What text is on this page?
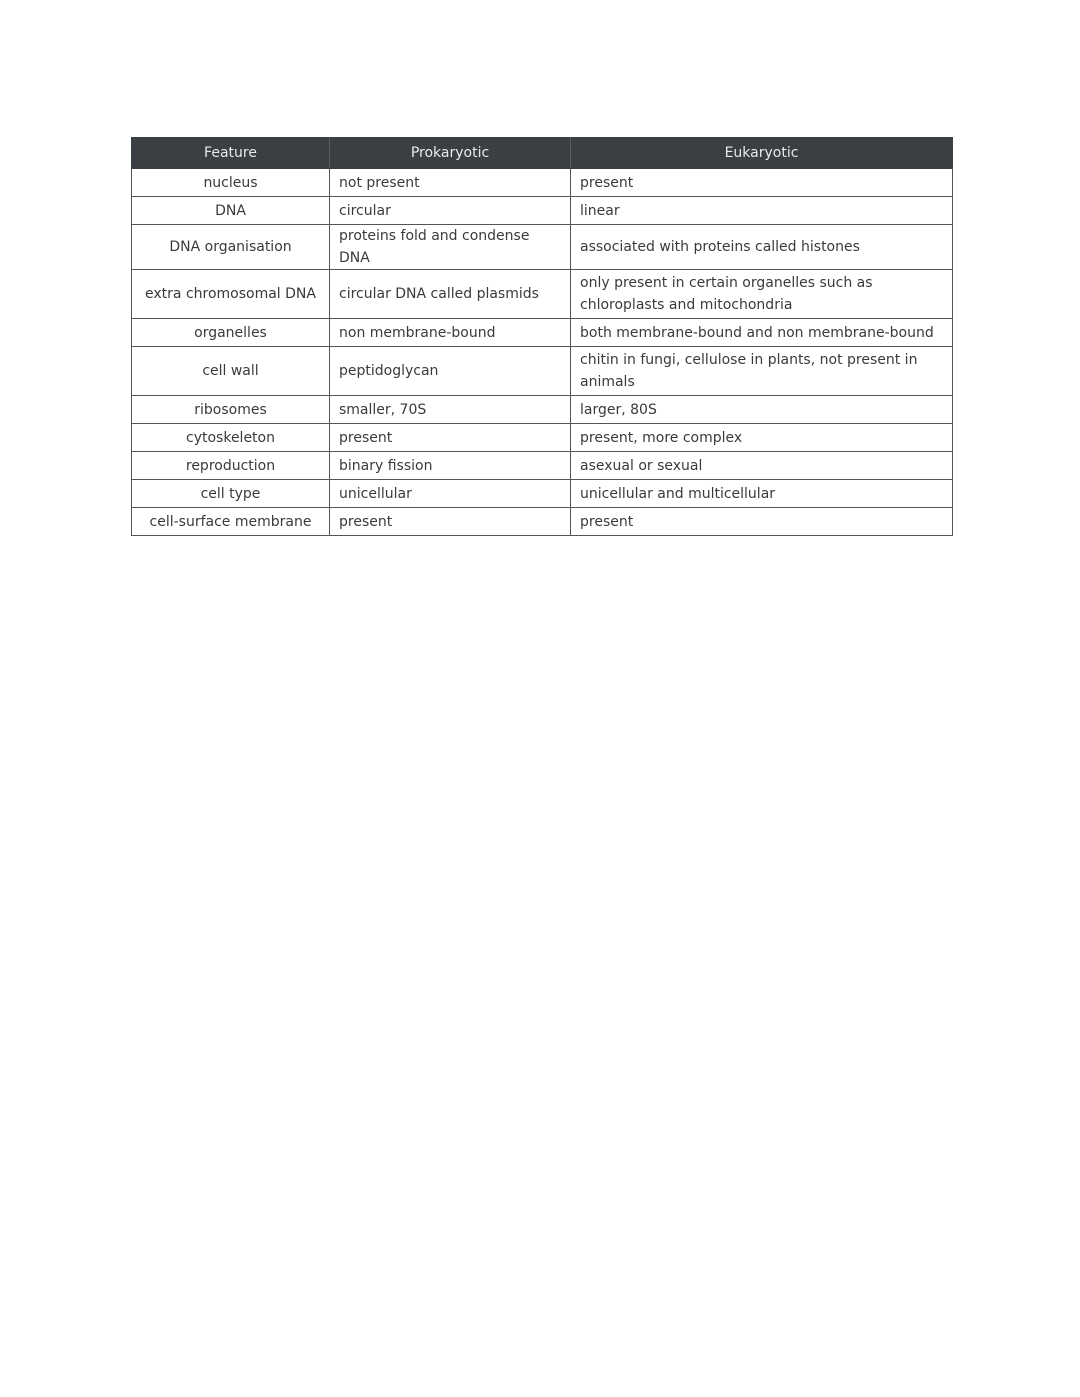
Feature	Prokaryotic	Eukaryotic
nucleus	not present	present
DNA	circular	linear
DNA organisation	proteins fold and condense DNA	associated with proteins called histones
extra chromosomal DNA	circular DNA called plasmids	only present in certain organelles such as chloroplasts and mitochondria
organelles	non membrane-bound	both membrane-bound and non membrane-bound
cell wall	peptidoglycan	chitin in fungi, cellulose in plants, not present in animals
ribosomes	smaller, 70S	larger, 80S
cytoskeleton	present	present, more complex
reproduction	binary fission	asexual or sexual
cell type	unicellular	unicellular and multicellular
cell-surface membrane	present	present
